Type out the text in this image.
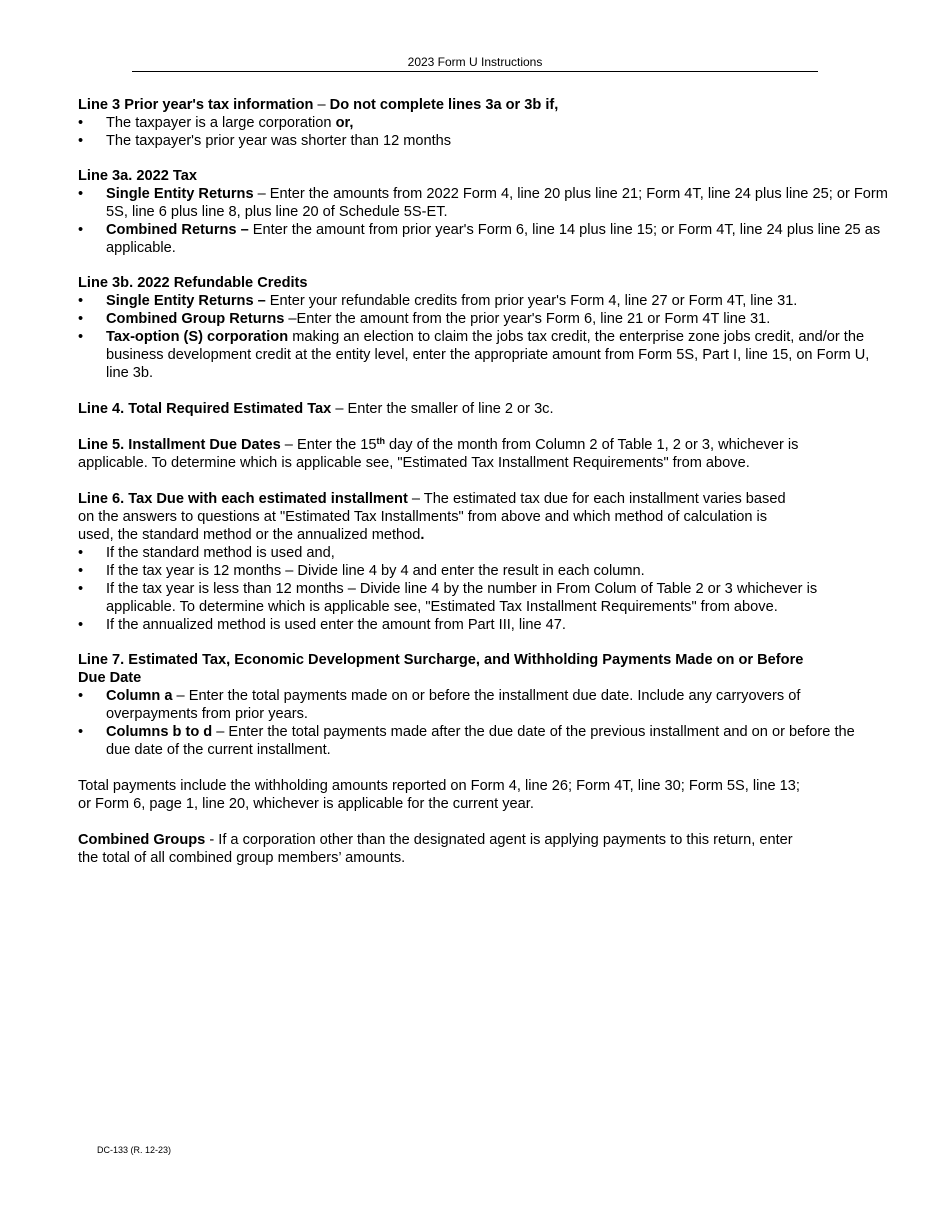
2023 Form U Instructions

Line 3 Prior year's tax information – Do not complete lines 3a or 3b if,

• The taxpayer is a large corporation or,
• The taxpayer's prior year was shorter than 12 months

Line 3a. 2022 Tax

• Single Entity Returns – Enter the amounts from 2022 Form 4, line 20 plus line 21; Form 4T, line 24 plus line 25; or Form 5S, line 6 plus line 8, plus line 20 of Schedule 5S-ET.
• Combined Returns – Enter the amount from prior year's Form 6, line 14 plus line 15; or Form 4T, line 24 plus line 25 as applicable.

Line 3b. 2022 Refundable Credits

• Single Entity Returns – Enter your refundable credits from prior year's Form 4, line 27 or Form 4T, line 31.
• Combined Group Returns –Enter the amount from the prior year's Form 6, line 21 or Form 4T line 31.
• Tax-option (S) corporation making an election to claim the jobs tax credit, the enterprise zone jobs credit, and/or the business development credit at the entity level, enter the appropriate amount from Form 5S, Part I, line 15, on Form U, line 3b.

Line 4. Total Required Estimated Tax – Enter the smaller of line 2 or 3c.

Line 5. Installment Due Dates – Enter the 15th day of the month from Column 2 of Table 1, 2 or 3, whichever is applicable. To determine which is applicable see, "Estimated Tax Installment Requirements" from above.

Line 6. Tax Due with each estimated installment – The estimated tax due for each installment varies based on the answers to questions at "Estimated Tax Installments" from above and which method of calculation is used, the standard method or the annualized method.

• If the standard method is used and,
• If the tax year is 12 months – Divide line 4 by 4 and enter the result in each column.
• If the tax year is less than 12 months – Divide line 4 by the number in From Colum of Table 2 or 3 whichever is applicable. To determine which is applicable see, "Estimated Tax Installment Requirements" from above.
• If the annualized method is used enter the amount from Part III, line 47.

Line 7. Estimated Tax, Economic Development Surcharge, and Withholding Payments Made on or Before Due Date

• Column a – Enter the total payments made on or before the installment due date. Include any carryovers of overpayments from prior years.
• Columns b to d – Enter the total payments made after the due date of the previous installment and on or before the due date of the current installment.

Total payments include the withholding amounts reported on Form 4, line 26; Form 4T, line 30; Form 5S, line 13; or Form 6, page 1, line 20, whichever is applicable for the current year.

Combined Groups - If a corporation other than the designated agent is applying payments to this return, enter the total of all combined group members’ amounts.

DC-133 (R. 12-23)
